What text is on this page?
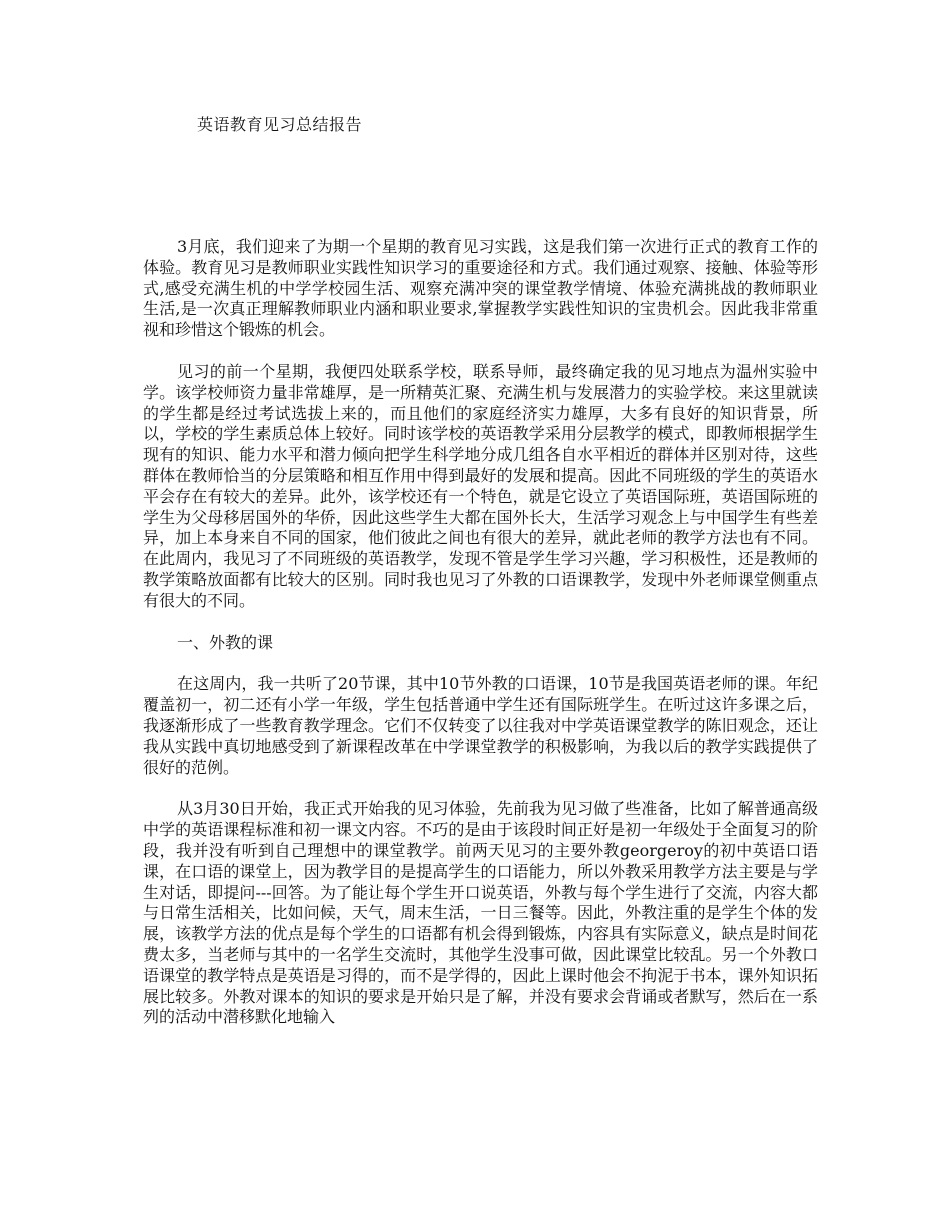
英语教育见习总结报告

3月底，我们迎来了为期一个星期的教育见习实践，这是我们第一次进行正式的教育工作的体验。教育见习是教师职业实践性知识学习的重要途径和方式。我们通过观察、接触、体验等形式,感受充满生机的中学学校园生活、观察充满冲突的课堂教学情境、体验充满挑战的教师职业生活,是一次真正理解教师职业内涵和职业要求,掌握教学实践性知识的宝贵机会。因此我非常重视和珍惜这个锻炼的机会。

见习的前一个星期，我便四处联系学校，联系导师，最终确定我的见习地点为温州实验中学。该学校师资力量非常雄厚，是一所精英汇聚、充满生机与发展潜力的实验学校。来这里就读的学生都是经过考试选拔上来的，而且他们的家庭经济实力雄厚，大多有良好的知识背景，所以，学校的学生素质总体上较好。同时该学校的英语教学采用分层教学的模式，即教师根据学生现有的知识、能力水平和潜力倾向把学生科学地分成几组各自水平相近的群体并区别对待，这些群体在教师恰当的分层策略和相互作用中得到最好的发展和提高。因此不同班级的学生的英语水平会存在有较大的差异。此外，该学校还有一个特色，就是它设立了英语国际班，英语国际班的学生为父母移居国外的华侨，因此这些学生大都在国外长大，生活学习观念上与中国学生有些差异，加上本身来自不同的国家，他们彼此之间也有很大的差异，就此老师的教学方法也有不同。在此周内，我见习了不同班级的英语教学，发现不管是学生学习兴趣，学习积极性，还是教师的教学策略放面都有比较大的区别。同时我也见习了外教的口语课教学，发现中外老师课堂侧重点有很大的不同。

一、外教的课

在这周内，我一共听了20节课，其中10节外教的口语课，10节是我国英语老师的课。年纪覆盖初一，初二还有小学一年级，学生包括普通中学生还有国际班学生。在听过这许多课之后，我逐渐形成了一些教育教学理念。它们不仅转变了以往我对中学英语课堂教学的陈旧观念，还让我从实践中真切地感受到了新课程改革在中学课堂教学的积极影响，为我以后的教学实践提供了很好的范例。

从3月30日开始，我正式开始我的见习体验，先前我为见习做了些准备，比如了解普通高级中学的英语课程标准和初一课文内容。不巧的是由于该段时间正好是初一年级处于全面复习的阶段，我并没有听到自己理想中的课堂教学。前两天见习的主要外教georgeroy的初中英语口语课，在口语的课堂上，因为教学目的是提高学生的口语能力，所以外教采用教学方法主要是与学生对话，即提问---回答。为了能让每个学生开口说英语，外教与每个学生进行了交流，内容大都与日常生活相关，比如问候，天气，周末生活，一日三餐等。因此，外教注重的是学生个体的发展，该教学方法的优点是每个学生的口语都有机会得到锻炼，内容具有实际意义，缺点是时间花费太多，当老师与其中的一名学生交流时，其他学生没事可做，因此课堂比较乱。另一个外教口语课堂的教学特点是英语是习得的，而不是学得的，因此上课时他会不拘泥于书本，课外知识拓展比较多。外教对课本的知识的要求是开始只是了解，并没有要求会背诵或者默写，然后在一系列的活动中潜移默化地输入
